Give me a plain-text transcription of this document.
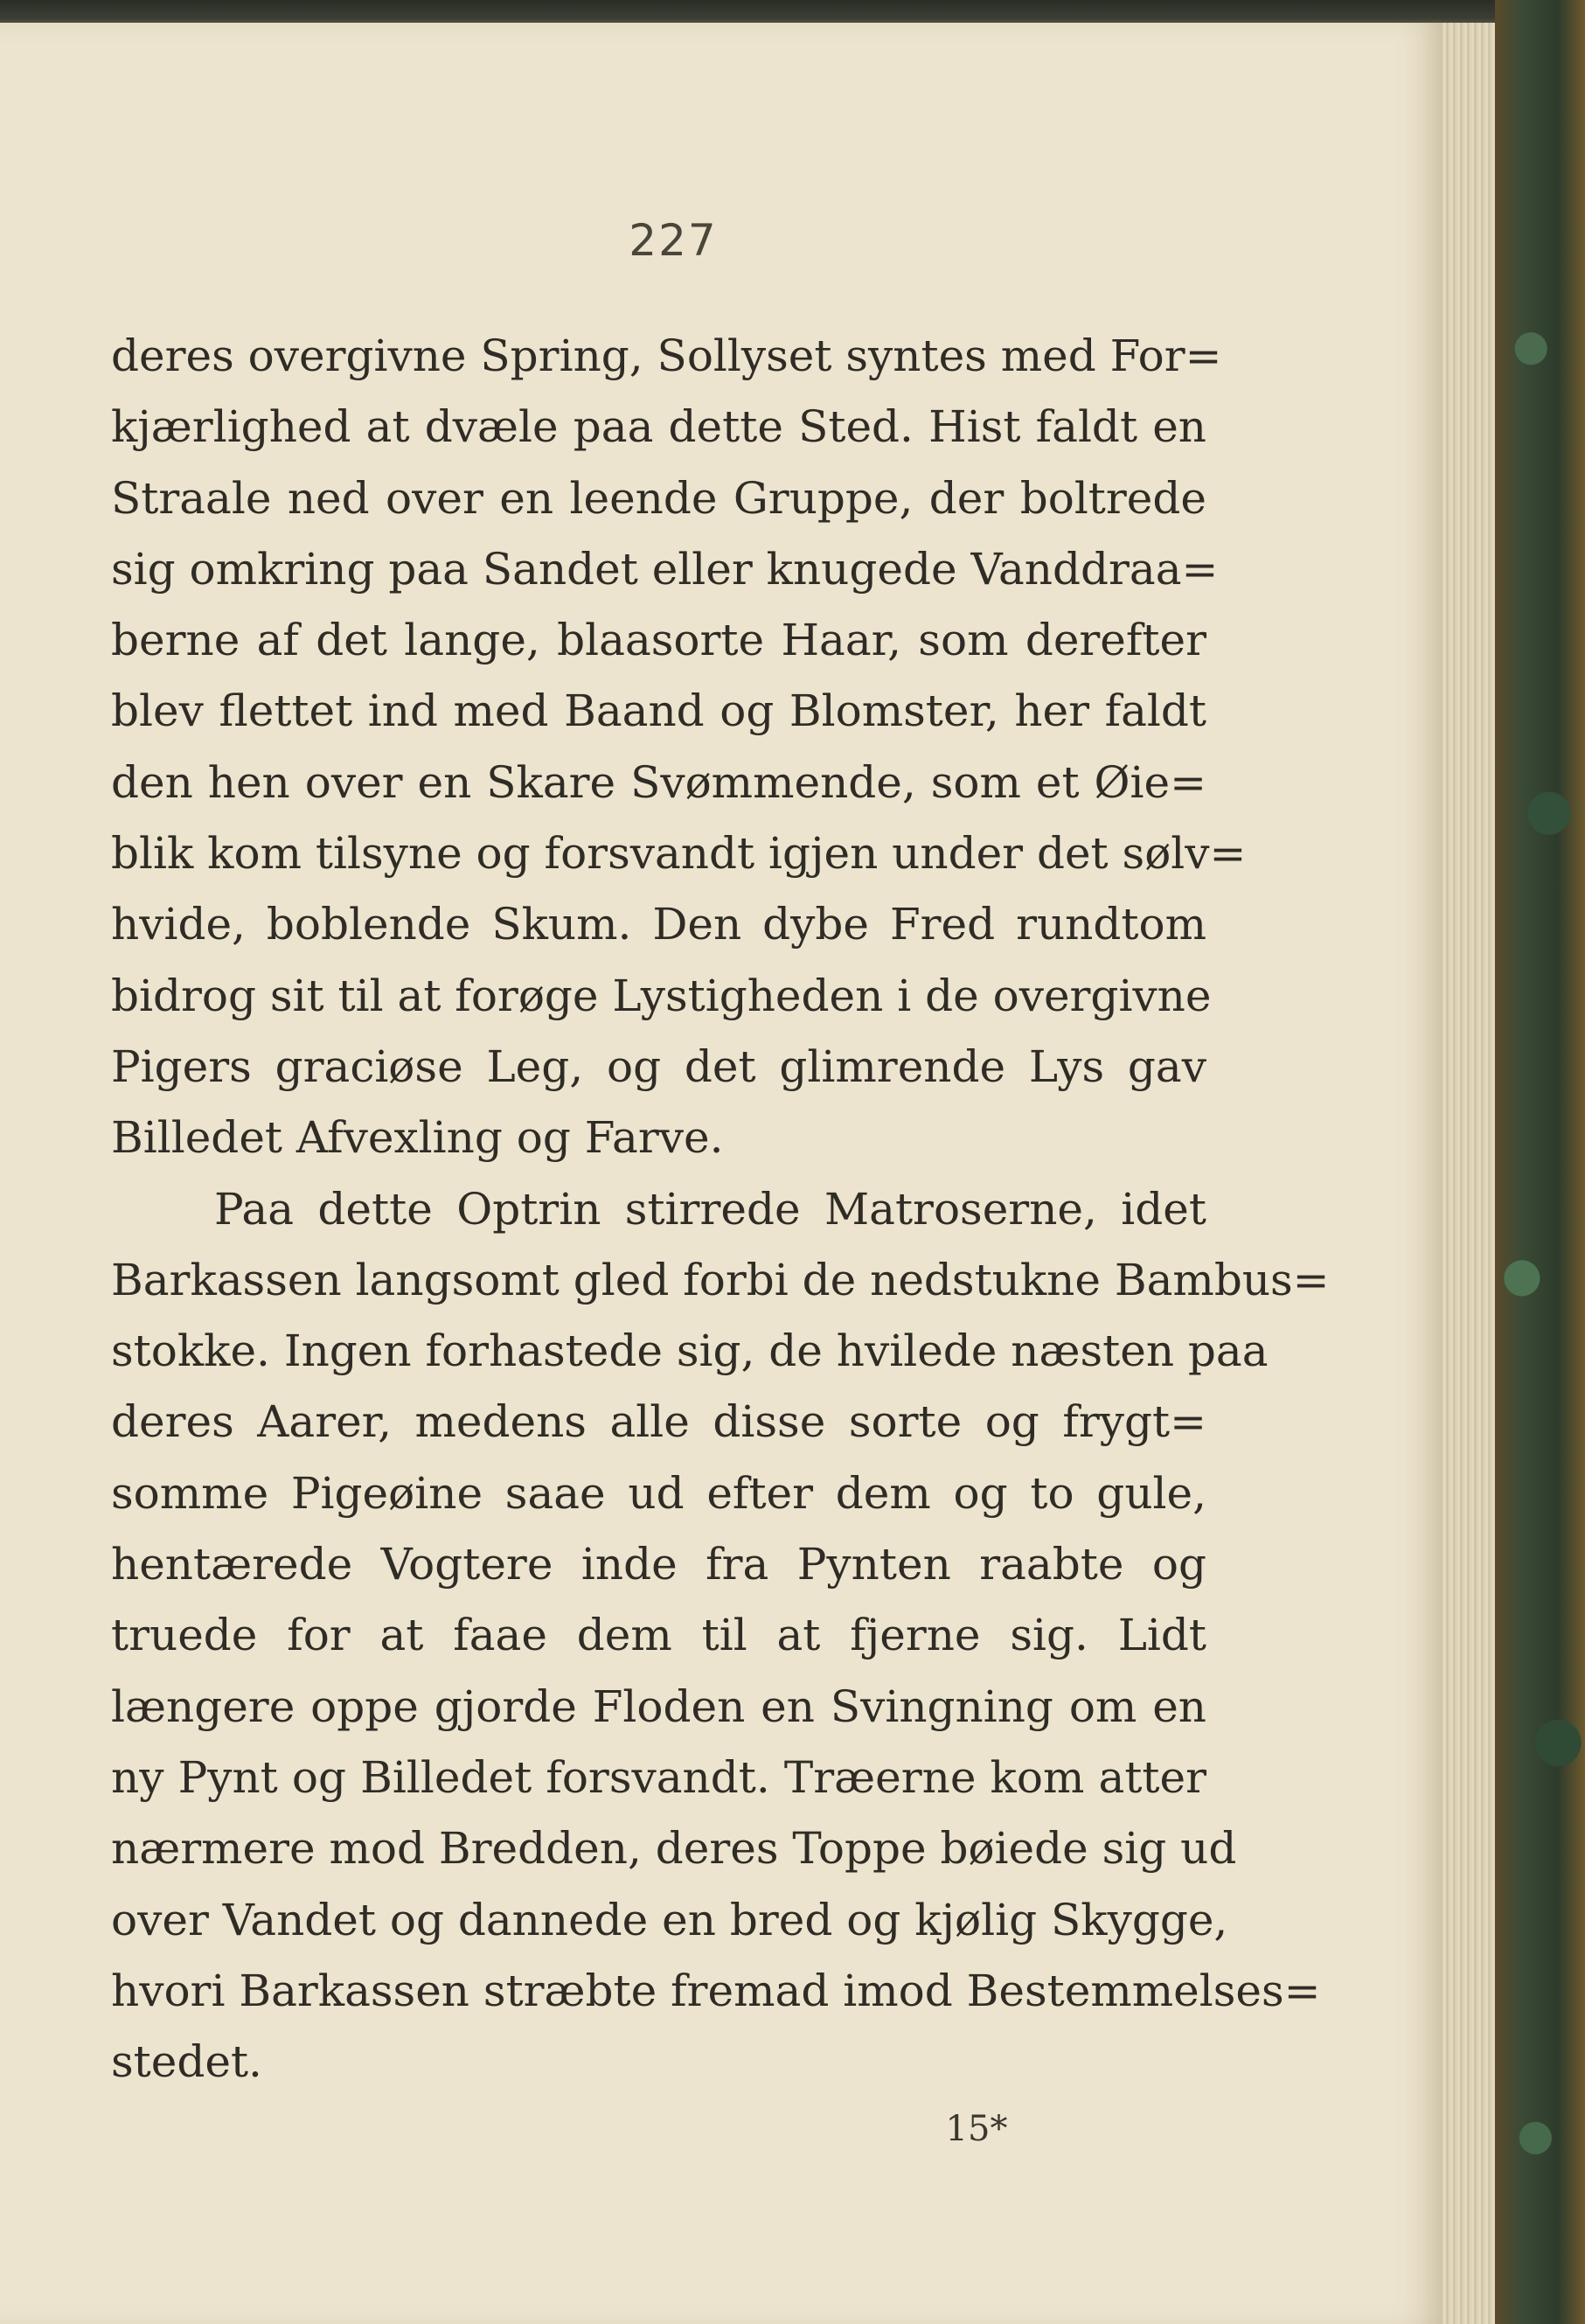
227
deres overgivne Spring, Sollyset syntes med For=
kjærlighed at dvæle paa dette Sted. Hist faldt en
Straale ned over en leende Gruppe, der boltrede
sig omkring paa Sandet eller knugede Vanddraa=
berne af det lange, blaasorte Haar, som derefter
blev flettet ind med Baand og Blomster, her faldt
den hen over en Skare Svømmende, som et Øie=
blik kom tilsyne og forsvandt igjen under det sølv=
hvide, boblende Skum. Den dybe Fred rundtom
bidrog sit til at forøge Lystigheden i de overgivne
Pigers graciøse Leg, og det glimrende Lys gav
Billedet Afvexling og Farve.
Paa dette Optrin stirrede Matroserne, idet
Barkassen langsomt gled forbi de nedstukne Bambus=
stokke. Ingen forhastede sig, de hvilede næsten paa
deres Aarer, medens alle disse sorte og frygt=
somme Pigeøine saae ud efter dem og to gule,
hentærede Vogtere inde fra Pynten raabte og
truede for at faae dem til at fjerne sig. Lidt
længere oppe gjorde Floden en Svingning om en
ny Pynt og Billedet forsvandt. Træerne kom atter
nærmere mod Bredden, deres Toppe bøiede sig ud
over Vandet og dannede en bred og kjølig Skygge,
hvori Barkassen stræbte fremad imod Bestemmelses=
stedet.
15*
